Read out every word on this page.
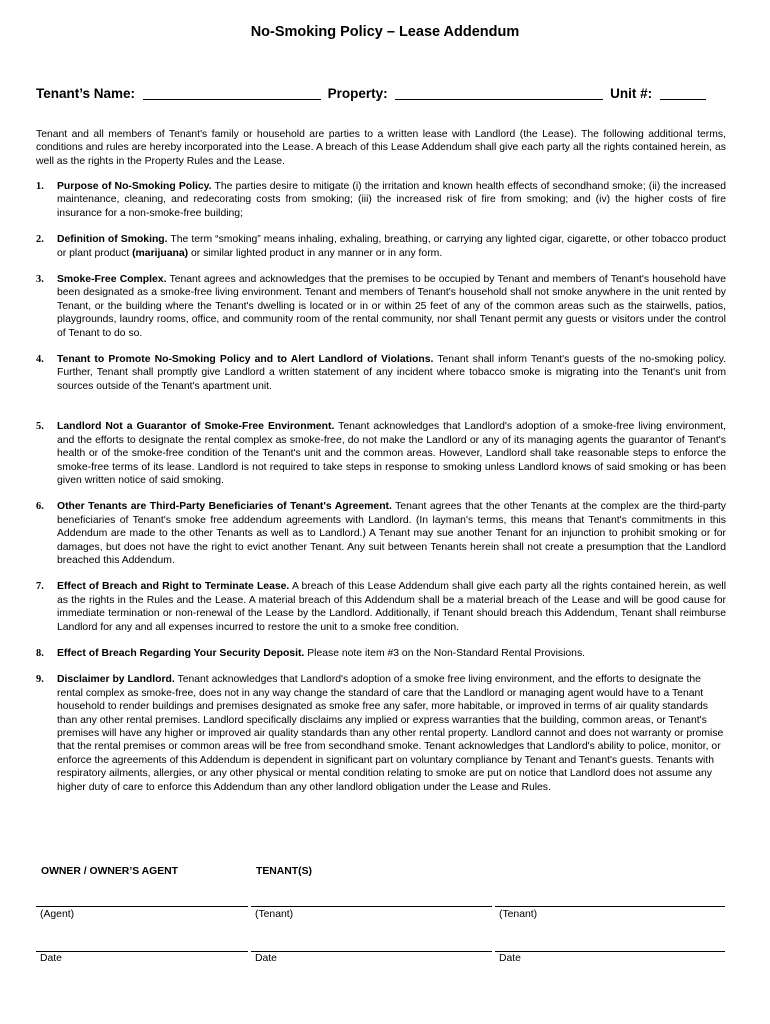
No-Smoking Policy – Lease Addendum
Tenant’s Name:	Property:	Unit #:

Tenant and all members of Tenant's family or household are parties to a written lease with Landlord (the Lease). The following additional terms, conditions and rules are hereby incorporated into the Lease. A breach of this Lease Addendum shall give each party all the rights contained herein, as well as the rights in the Property Rules and the Lease.

1. Purpose of No-Smoking Policy. The parties desire to mitigate (i) the irritation and known health effects of secondhand smoke; (ii) the increased maintenance, cleaning, and redecorating costs from smoking; (iii) the increased risk of fire from smoking; and (iv) the higher costs of fire insurance for a non-smoke-free building;
2. Definition of Smoking. The term “smoking” means inhaling, exhaling, breathing, or carrying any lighted cigar, cigarette, or other tobacco product or plant product (marijuana) or similar lighted product in any manner or in any form.
3. Smoke-Free Complex. Tenant agrees and acknowledges that the premises to be occupied by Tenant and members of Tenant's household have been designated as a smoke-free living environment. Tenant and members of Tenant's household shall not smoke anywhere in the unit rented by Tenant, or the building where the Tenant's dwelling is located or in or within 25 feet of any of the common areas such as the stairwells, patios, playgrounds, laundry rooms, office, and community room of the rental community, nor shall Tenant permit any guests or visitors under the control of Tenant to do so.
4. Tenant to Promote No-Smoking Policy and to Alert Landlord of Violations. Tenant shall inform Tenant's guests of the no-smoking policy. Further, Tenant shall promptly give Landlord a written statement of any incident where tobacco smoke is migrating into the Tenant's unit from sources outside of the Tenant's apartment unit.
5. Landlord Not a Guarantor of Smoke-Free Environment. Tenant acknowledges that Landlord's adoption of a smoke-free living environment, and the efforts to designate the rental complex as smoke-free, do not make the Landlord or any of its managing agents the guarantor of Tenant's health or of the smoke-free condition of the Tenant's unit and the common areas. However, Landlord shall take reasonable steps to enforce the smoke-free terms of its lease. Landlord is not required to take steps in response to smoking unless Landlord knows of said smoking or has been given written notice of said smoking.
6. Other Tenants are Third-Party Beneficiaries of Tenant's Agreement. Tenant agrees that the other Tenants at the complex are the third-party beneficiaries of Tenant's smoke free addendum agreements with Landlord. (In layman's terms, this means that Tenant's commitments in this Addendum are made to the other Tenants as well as to Landlord.) A Tenant may sue another Tenant for an injunction to prohibit smoking or for damages, but does not have the right to evict another Tenant. Any suit between Tenants herein shall not create a presumption that the Landlord breached this Addendum.
7. Effect of Breach and Right to Terminate Lease. A breach of this Lease Addendum shall give each party all the rights contained herein, as well as the rights in the Rules and the Lease. A material breach of this Addendum shall be a material breach of the Lease and will be good cause for immediate termination or non-renewal of the Lease by the Landlord. Additionally, if Tenant should breach this Addendum, Tenant shall reimburse Landlord for any and all expenses incurred to restore the unit to a smoke free condition.
8. Effect of Breach Regarding Your Security Deposit. Please note item #3 on the Non-Standard Rental Provisions.
9. Disclaimer by Landlord. Tenant acknowledges that Landlord's adoption of a smoke free living environment, and the efforts to designate the rental complex as smoke-free, does not in any way change the standard of care that the Landlord or managing agent would have to a Tenant household to render buildings and premises designated as smoke free any safer, more habitable, or improved in terms of air quality standards than any other rental premises. Landlord specifically disclaims any implied or express warranties that the building, common areas, or Tenant's premises will have any higher or improved air quality standards than any other rental property. Landlord cannot and does not warranty or promise that the rental premises or common areas will be free from secondhand smoke. Tenant acknowledges that Landlord's ability to police, monitor, or enforce the agreements of this Addendum is dependent in significant part on voluntary compliance by Tenant and Tenant's guests. Tenants with respiratory ailments, allergies, or any other physical or mental condition relating to smoke are put on notice that Landlord does not assume any higher duty of care to enforce this Addendum than any other landlord obligation under the Lease and Rules.
OWNER / OWNER’S AGENT	TENANT(S)
(Agent)	(Tenant)	(Tenant)
Date	Date	Date
